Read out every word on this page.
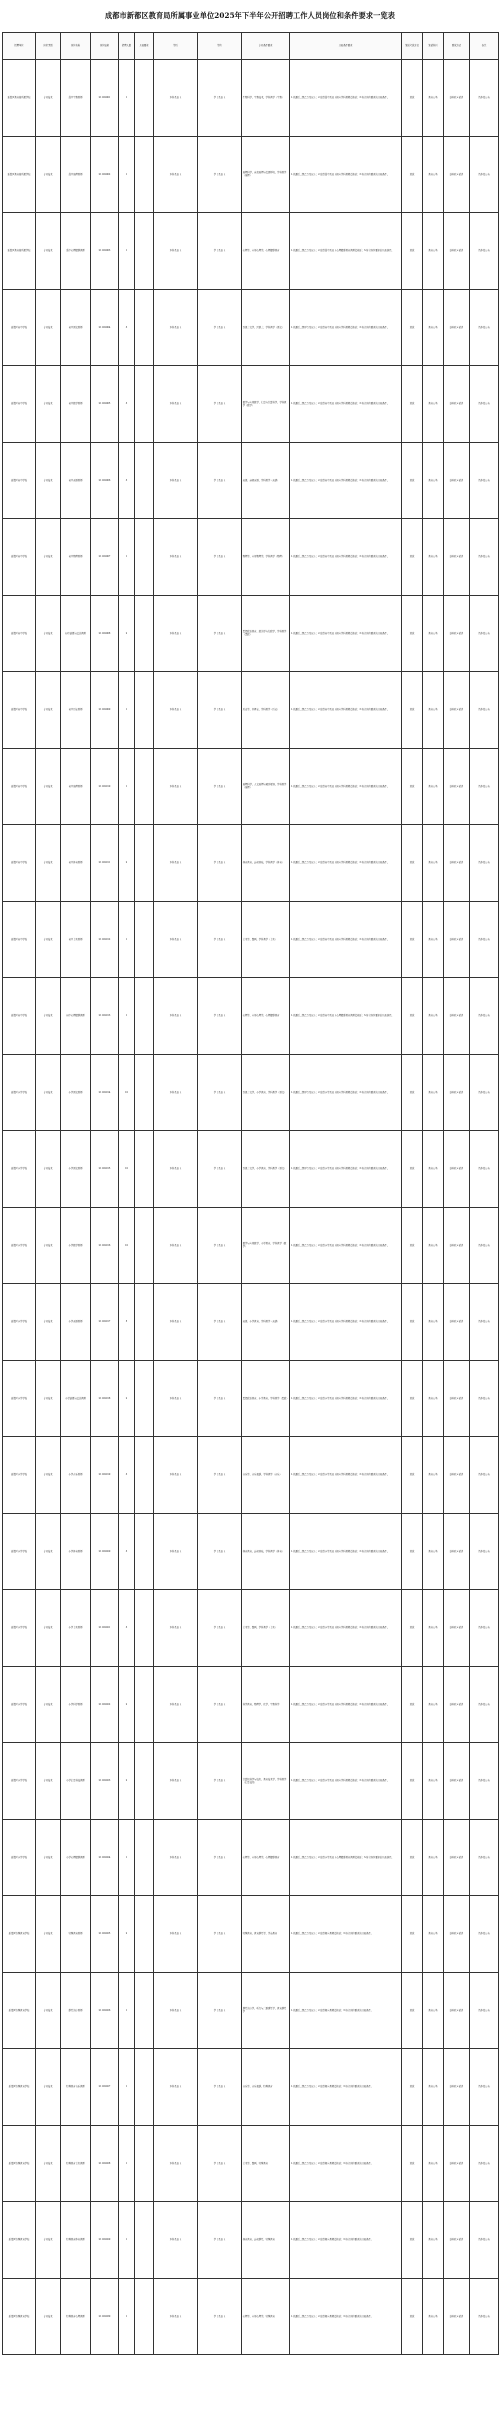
成都市新都区教育局所属事业单位2025年下半年公开招聘工作人员岗位和条件要求一览表
招聘单位	岗位类别	岗位名称	岗位编码	招聘人数	其他要求	学历	学位	专业条件要求	其他条件要求	笔试考试方式	笔试科目	面试方式	备注
新都区教育局所属学校	专业技术	高中生物教师	21102001	1		本科及以上	学士及以上	生物科学、生物技术、学科教学（生物）	1.普通话二级乙等及以上；2.取得高中及以上相应学科教师资格证；3.符合岗位要求的其他条件。	笔试	教育公基	结构化+试讲	具体见公告
新都区教育局所属学校	专业技术	高中地理教师	21102002	1		本科及以上	学士及以上	地理科学、自然地理与资源环境、学科教学（地理）	1.普通话二级乙等及以上；2.取得高中及以上相应学科教师资格证；3.符合岗位要求的其他条件。	笔试	教育公基	结构化+试讲	具体见公告
新都区教育局所属学校	专业技术	高中心理健康教师	21102003	1		本科及以上	学士及以上	心理学、应用心理学、心理健康教育	1.普通话二级乙等及以上；2.取得高中及以上心理健康教育教师资格证；3.符合岗位要求的其他条件。	笔试	教育公基	结构化+试讲	具体见公告
新都区初中学校	专业技术	初中语文教师	21102004	3		本科及以上	学士及以上	汉语言文学、汉语言、学科教学（语文）	1.普通话二级甲等及以上；2.取得初中及以上相应学科教师资格证；3.符合岗位要求的其他条件。	笔试	教育公基	结构化+试讲	具体见公告
新都区初中学校	专业技术	初中数学教师	21102005	3		本科及以上	学士及以上	数学与应用数学、信息与计算科学、学科教学（数学）	1.普通话二级乙等及以上；2.取得初中及以上相应学科教师资格证；3.符合岗位要求的其他条件。	笔试	教育公基	结构化+试讲	具体见公告
新都区初中学校	专业技术	初中英语教师	21102006	3		本科及以上	学士及以上	英语、商务英语、学科教学（英语）	1.普通话二级乙等及以上；2.取得初中及以上相应学科教师资格证；3.符合岗位要求的其他条件。	笔试	教育公基	结构化+试讲	具体见公告
新都区初中学校	专业技术	初中物理教师	21102007	1		本科及以上	学士及以上	物理学、应用物理学、学科教学（物理）	1.普通话二级乙等及以上；2.取得初中及以上相应学科教师资格证；3.符合岗位要求的其他条件。	笔试	教育公基	结构化+试讲	具体见公告
新都区初中学校	专业技术	初中道德与法治教师	21102008	2		本科及以上	学士及以上	思想政治教育、政治学与行政学、学科教学（思政）	1.普通话二级乙等及以上；2.取得初中及以上相应学科教师资格证；3.符合岗位要求的其他条件。	笔试	教育公基	结构化+试讲	具体见公告
新都区初中学校	专业技术	初中历史教师	21102009	1		本科及以上	学士及以上	历史学、世界史、学科教学（历史）	1.普通话二级乙等及以上；2.取得初中及以上相应学科教师资格证；3.符合岗位要求的其他条件。	笔试	教育公基	结构化+试讲	具体见公告
新都区初中学校	专业技术	初中地理教师	21102010	1		本科及以上	学士及以上	地理科学、人文地理与城乡规划、学科教学（地理）	1.普通话二级乙等及以上；2.取得初中及以上相应学科教师资格证；3.符合岗位要求的其他条件。	笔试	教育公基	结构化+试讲	具体见公告
新都区初中学校	专业技术	初中体育教师	21102011	2		本科及以上	学士及以上	体育教育、运动训练、学科教学（体育）	1.普通话二级乙等及以上；2.取得初中及以上相应学科教师资格证；3.符合岗位要求的其他条件。	笔试	教育公基	结构化+试讲	具体见公告
新都区初中学校	专业技术	初中美术教师	21102012	1		本科及以上	学士及以上	美术学、绘画、学科教学（美术）	1.普通话二级乙等及以上；2.取得初中及以上相应学科教师资格证；3.符合岗位要求的其他条件。	笔试	教育公基	结构化+试讲	具体见公告
新都区初中学校	专业技术	初中心理健康教师	21102013	1		本科及以上	学士及以上	心理学、应用心理学、心理健康教育	1.普通话二级乙等及以上；2.取得初中及以上心理健康教育教师资格证；3.符合岗位要求的其他条件。	笔试	教育公基	结构化+试讲	具体见公告
新都区小学学校	专业技术	小学语文教师	21102014	10		本科及以上	学士及以上	汉语言文学、小学教育、学科教学（语文）	1.普通话二级甲等及以上；2.取得小学及以上相应学科教师资格证；3.符合岗位要求的其他条件。	笔试	教育公基	结构化+试讲	具体见公告
新都区小学学校	专业技术	小学语文教师	21102015	10		本科及以上	学士及以上	汉语言文学、小学教育、学科教学（语文）	1.普通话二级甲等及以上；2.取得小学及以上相应学科教师资格证；3.符合岗位要求的其他条件。	笔试	教育公基	结构化+试讲	具体见公告
新都区小学学校	专业技术	小学数学教师	21102016	10		本科及以上	学士及以上	数学与应用数学、小学教育、学科教学（数学）	1.普通话二级乙等及以上；2.取得小学及以上相应学科教师资格证；3.符合岗位要求的其他条件。	笔试	教育公基	结构化+试讲	具体见公告
新都区小学学校	专业技术	小学英语教师	21102017	5		本科及以上	学士及以上	英语、小学教育、学科教学（英语）	1.普通话二级乙等及以上；2.取得小学及以上相应学科教师资格证；3.符合岗位要求的其他条件。	笔试	教育公基	结构化+试讲	具体见公告
新都区小学学校	专业技术	小学道德与法治教师	21102018	2		本科及以上	学士及以上	思想政治教育、小学教育、学科教学（思政）	1.普通话二级乙等及以上；2.取得小学及以上相应学科教师资格证；3.符合岗位要求的其他条件。	笔试	教育公基	结构化+试讲	具体见公告
新都区小学学校	专业技术	小学音乐教师	21102019	3		本科及以上	学士及以上	音乐学、音乐表演、学科教学（音乐）	1.普通话二级乙等及以上；2.取得小学及以上相应学科教师资格证；3.符合岗位要求的其他条件。	笔试	教育公基	结构化+试讲	具体见公告
新都区小学学校	专业技术	小学体育教师	21102020	3		本科及以上	学士及以上	体育教育、运动训练、学科教学（体育）	1.普通话二级乙等及以上；2.取得小学及以上相应学科教师资格证；3.符合岗位要求的其他条件。	笔试	教育公基	结构化+试讲	具体见公告
新都区小学学校	专业技术	小学美术教师	21102021	3		本科及以上	学士及以上	美术学、绘画、学科教学（美术）	1.普通话二级乙等及以上；2.取得小学及以上相应学科教师资格证；3.符合岗位要求的其他条件。	笔试	教育公基	结构化+试讲	具体见公告
新都区小学学校	专业技术	小学科学教师	21102022	2		本科及以上	学士及以上	科学教育、物理学、化学、生物科学	1.普通话二级乙等及以上；2.取得小学及以上相应学科教师资格证；3.符合岗位要求的其他条件。	笔试	教育公基	结构化+试讲	具体见公告
新都区小学学校	专业技术	小学信息科技教师	21102023	2		本科及以上	学士及以上	计算机科学与技术、教育技术学、学科教学（信息技术）	1.普通话二级乙等及以上；2.取得小学及以上相应学科教师资格证；3.符合岗位要求的其他条件。	笔试	教育公基	结构化+试讲	具体见公告
新都区小学学校	专业技术	小学心理健康教师	21102024	1		本科及以上	学士及以上	心理学、应用心理学、心理健康教育	1.普通话二级乙等及以上；2.取得小学及以上心理健康教育教师资格证；3.符合岗位要求的其他条件。	笔试	教育公基	结构化+试讲	具体见公告
新都区特殊教育学校	专业技术	特殊教育教师	21102025	2		本科及以上	学士及以上	特殊教育、教育康复学、学前教育	1.普通话二级乙等及以上；2.取得相应教师资格证；3.符合岗位要求的其他条件。	笔试	教育公基	结构化+试讲	具体见公告
新都区特殊教育学校	专业技术	康复治疗教师	21102026	1		本科及以上	学士及以上	康复治疗学、听力与言语康复学、教育康复学	1.普通话二级乙等及以上；2.取得相应教师资格证；3.符合岗位要求的其他条件。	笔试	教育公基	结构化+试讲	具体见公告
新都区特殊教育学校	专业技术	特殊教育音乐教师	21102027	1		本科及以上	学士及以上	音乐学、音乐表演、特殊教育	1.普通话二级乙等及以上；2.取得相应教师资格证；3.符合岗位要求的其他条件。	笔试	教育公基	结构化+试讲	具体见公告
新都区特殊教育学校	专业技术	特殊教育美术教师	21102028	1		本科及以上	学士及以上	美术学、绘画、特殊教育	1.普通话二级乙等及以上；2.取得相应教师资格证；3.符合岗位要求的其他条件。	笔试	教育公基	结构化+试讲	具体见公告
新都区特殊教育学校	专业技术	特殊教育体育教师	21102029	1		本科及以上	学士及以上	体育教育、运动康复、特殊教育	1.普通话二级乙等及以上；2.取得相应教师资格证；3.符合岗位要求的其他条件。	笔试	教育公基	结构化+试讲	具体见公告
新都区特殊教育学校	专业技术	特殊教育心理教师	21102030	1		本科及以上	学士及以上	心理学、应用心理学、特殊教育	1.普通话二级乙等及以上；2.取得相应教师资格证；3.符合岗位要求的其他条件。	笔试	教育公基	结构化+试讲	具体见公告
